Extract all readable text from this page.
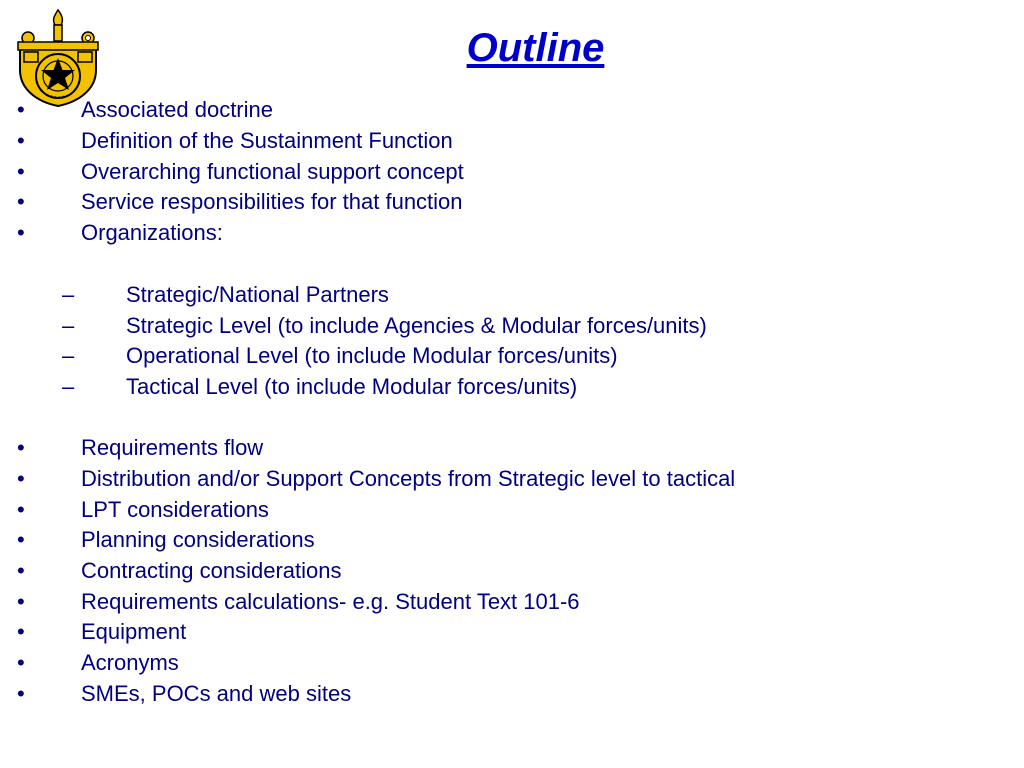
Outline
•	Associated doctrine
•	Definition of the Sustainment Function
•	Overarching functional support concept
•	Service responsibilities for that function
•	Organizations:
– Strategic/National Partners
– Strategic Level (to include Agencies & Modular forces/units)
– Operational Level (to include Modular forces/units)
– Tactical Level (to include Modular forces/units)
•	Requirements flow
•	Distribution and/or Support Concepts from Strategic level to tactical
•	LPT considerations
•	Planning considerations
•	Contracting considerations
•	Requirements calculations- e.g. Student Text 101-6
•	Equipment
•	Acronyms
•	SMEs, POCs and web sites
